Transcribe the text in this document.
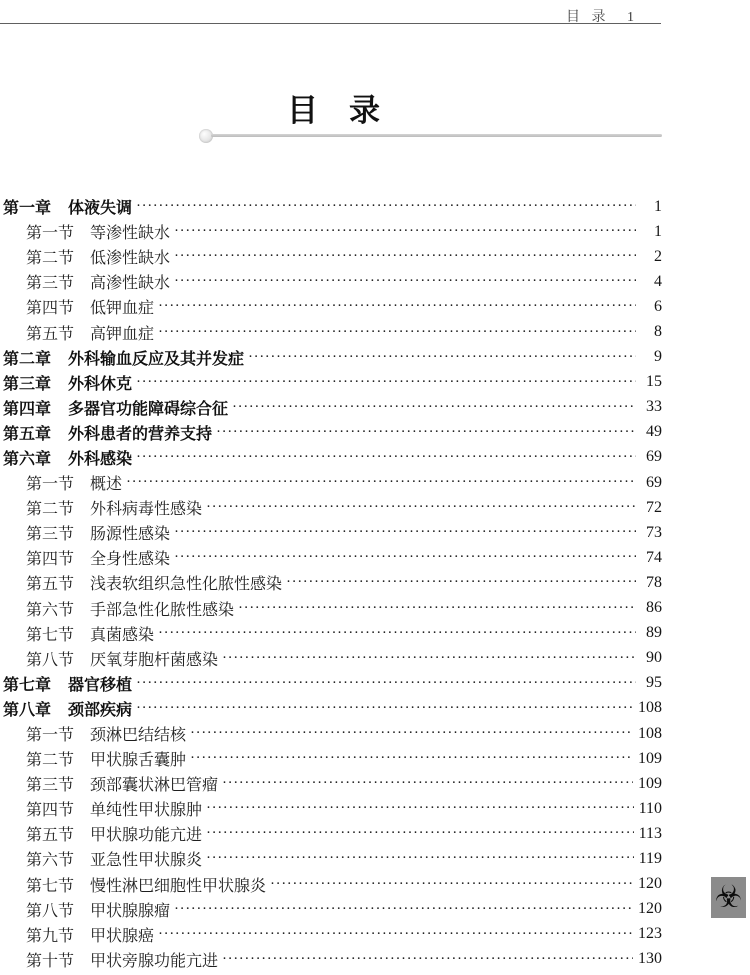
目 录 1
目　录
第一章	体液失调 ·····	1
第一节 等渗性缺水 ·····	1
第二节 低渗性缺水 ·····	2
第三节 高渗性缺水 ·····	4
第四节 低钾血症 ·····	6
第五节 高钾血症 ·····	8
第二章	外科输血反应及其并发症 ·····	9
第三章	外科休克 ·····	15
第四章	多器官功能障碍综合征 ·····	33
第五章	外科患者的营养支持 ·····	49
第六章	外科感染 ·····	69
第一节 概述 ·····	69
第二节 外科病毒性感染 ·····	72
第三节 肠源性感染 ·····	73
第四节 全身性感染 ·····	74
第五节 浅表软组织急性化脓性感染 ·····	78
第六节 手部急性化脓性感染 ·····	86
第七节 真菌感染 ·····	89
第八节 厌氧芽胞杆菌感染 ·····	90
第七章	器官移植 ·····	95
第八章	颈部疾病 ·····	108
第一节 颈淋巴结结核 ·····	108
第二节 甲状腺舌囊肿 ·····	109
第三节 颈部囊状淋巴管瘤 ·····	109
第四节 单纯性甲状腺肿 ·····	110
第五节 甲状腺功能亢进 ·····	113
第六节 亚急性甲状腺炎 ·····	119
第七节 慢性淋巴细胞性甲状腺炎 ·····	120
第八节 甲状腺腺瘤 ·····	120
第九节 甲状腺癌 ·····	123
第十节 甲状旁腺功能亢进 ·····	130
☣
